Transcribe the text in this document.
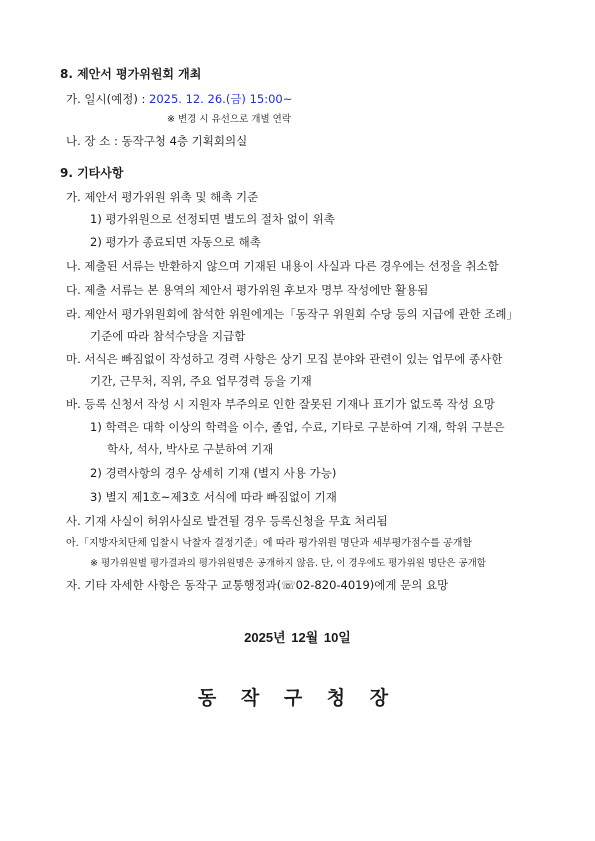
8. 제안서 평가위원회 개최
가. 일시(예정) : 2025. 12. 26.(금) 15:00~
※ 변경 시 유선으로 개별 연락
나. 장 소 : 동작구청 4층 기획회의실
9. 기타사항
가. 제안서 평가위원 위촉 및 해촉 기준
1) 평가위원으로 선정되면 별도의 절차 없이 위촉
2) 평가가 종료되면 자동으로 해촉
나. 제출된 서류는 반환하지 않으며 기재된 내용이 사실과 다른 경우에는 선정을 취소함
다. 제출 서류는 본 용역의 제안서 평가위원 후보자 명부 작성에만 활용됨
라. 제안서 평가위원회에 참석한 위원에게는「동작구 위원회 수당 등의 지급에 관한 조례」
기준에 따라 참석수당을 지급함
마. 서식은 빠짐없이 작성하고 경력 사항은 상기 모집 분야와 관련이 있는 업무에 종사한
기간, 근무처, 직위, 주요 업무경력 등을 기재
바. 등록 신청서 작성 시 지원자 부주의로 인한 잘못된 기재나 표기가 없도록 작성 요망
1) 학력은 대학 이상의 학력을 이수, 졸업, 수료, 기타로 구분하여 기재, 학위 구분은
학사, 석사, 박사로 구분하여 기재
2) 경력사항의 경우 상세히 기재 (별지 사용 가능)
3) 별지 제1호~제3호 서식에 따라 빠짐없이 기재
사. 기재 사실이 허위사실로 발견될 경우 등록신청을 무효 처리됨
아.「지방자치단체 입찰시 낙찰자 결정기준」에 따라 평가위원 명단과 세부평가점수를 공개함
※ 평가위원별 평가결과의 평가위원명은 공개하지 않음. 단, 이 경우에도 평가위원 명단은 공개함
자. 기타 자세한 사항은 동작구 교통행정과(☏02-820-4019)에게 문의 요망
2025년 12월 10일
동 작 구 청 장
